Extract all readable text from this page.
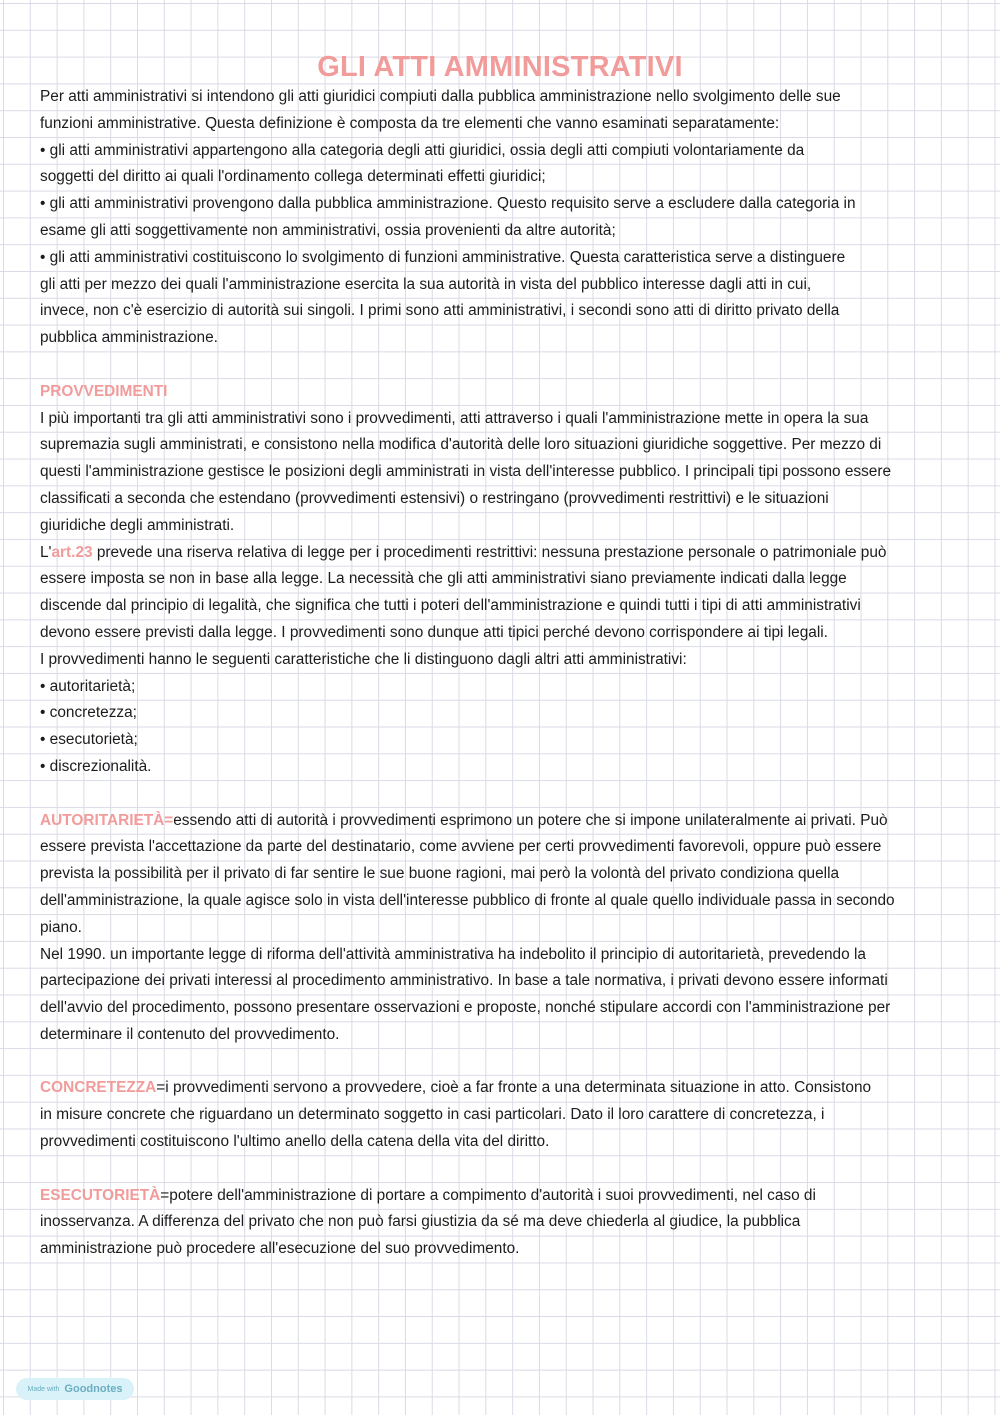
GLI ATTI AMMINISTRATIVI

Per atti amministrativi si intendono gli atti giuridici compiuti dalla pubblica amministrazione nello svolgimento delle sue

funzioni amministrative. Questa definizione è composta da tre elementi che vanno esaminati separatamente:

• gli atti amministrativi appartengono alla categoria degli atti giuridici, ossia degli atti compiuti volontariamente da

soggetti del diritto ai quali l'ordinamento collega determinati effetti giuridici;

• gli atti amministrativi provengono dalla pubblica amministrazione. Questo requisito serve a escludere dalla categoria in

esame gli atti soggettivamente non amministrativi, ossia provenienti da altre autorità;

• gli atti amministrativi costituiscono lo svolgimento di funzioni amministrative. Questa caratteristica serve a distinguere

gli atti per mezzo dei quali l'amministrazione esercita la sua autorità in vista del pubblico interesse dagli atti in cui,

invece, non c'è esercizio di autorità sui singoli. I primi sono atti amministrativi, i secondi sono atti di diritto privato della

pubblica amministrazione.

PROVVEDIMENTI

I più importanti tra gli atti amministrativi sono i provvedimenti, atti attraverso i quali l'amministrazione mette in opera la sua

supremazia sugli amministrati, e consistono nella modifica d'autorità delle loro situazioni giuridiche soggettive. Per mezzo di

questi l'amministrazione gestisce le posizioni degli amministrati in vista dell'interesse pubblico. I principali tipi possono essere

classificati a seconda che estendano (provvedimenti estensivi) o restringano (provvedimenti restrittivi) e le situazioni

giuridiche degli amministrati.

L'art.23 prevede una riserva relativa di legge per i procedimenti restrittivi: nessuna prestazione personale o patrimoniale può

essere imposta se non in base alla legge. La necessità che gli atti amministrativi siano previamente indicati dalla legge

discende dal principio di legalità, che significa che tutti i poteri dell'amministrazione e quindi tutti i tipi di atti amministrativi

devono essere previsti dalla legge. I provvedimenti sono dunque atti tipici perché devono corrispondere ai tipi legali.

I provvedimenti hanno le seguenti caratteristiche che li distinguono dagli altri atti amministrativi:

• autoritarietà;

• concretezza;

• esecutorietà;

• discrezionalità.

AUTORITARIETÀ=essendo atti di autorità i provvedimenti esprimono un potere che si impone unilateralmente ai privati. Può

essere prevista l'accettazione da parte del destinatario, come avviene per certi provvedimenti favorevoli, oppure può essere

prevista la possibilità per il privato di far sentire le sue buone ragioni, mai però la volontà del privato condiziona quella

dell'amministrazione, la quale agisce solo in vista dell'interesse pubblico di fronte al quale quello individuale passa in secondo

piano.

Nel 1990. un importante legge di riforma dell'attività amministrativa ha indebolito il principio di autoritarietà, prevedendo la

partecipazione dei privati interessi al procedimento amministrativo. In base a tale normativa, i privati devono essere informati

dell'avvio del procedimento, possono presentare osservazioni e proposte, nonché stipulare accordi con l'amministrazione per

determinare il contenuto del provvedimento.

CONCRETEZZA=i provvedimenti servono a provvedere, cioè a far fronte a una determinata situazione in atto. Consistono

in misure concrete che riguardano un determinato soggetto in casi particolari. Dato il loro carattere di concretezza, i

provvedimenti costituiscono l'ultimo anello della catena della vita del diritto.

ESECUTORIETÀ=potere dell'amministrazione di portare a compimento d'autorità i suoi provvedimenti, nel caso di

inosservanza. A differenza del privato che non può farsi giustizia da sé ma deve chiederla al giudice, la pubblica

amministrazione può procedere all'esecuzione del suo provvedimento.

Made with Goodnotes
